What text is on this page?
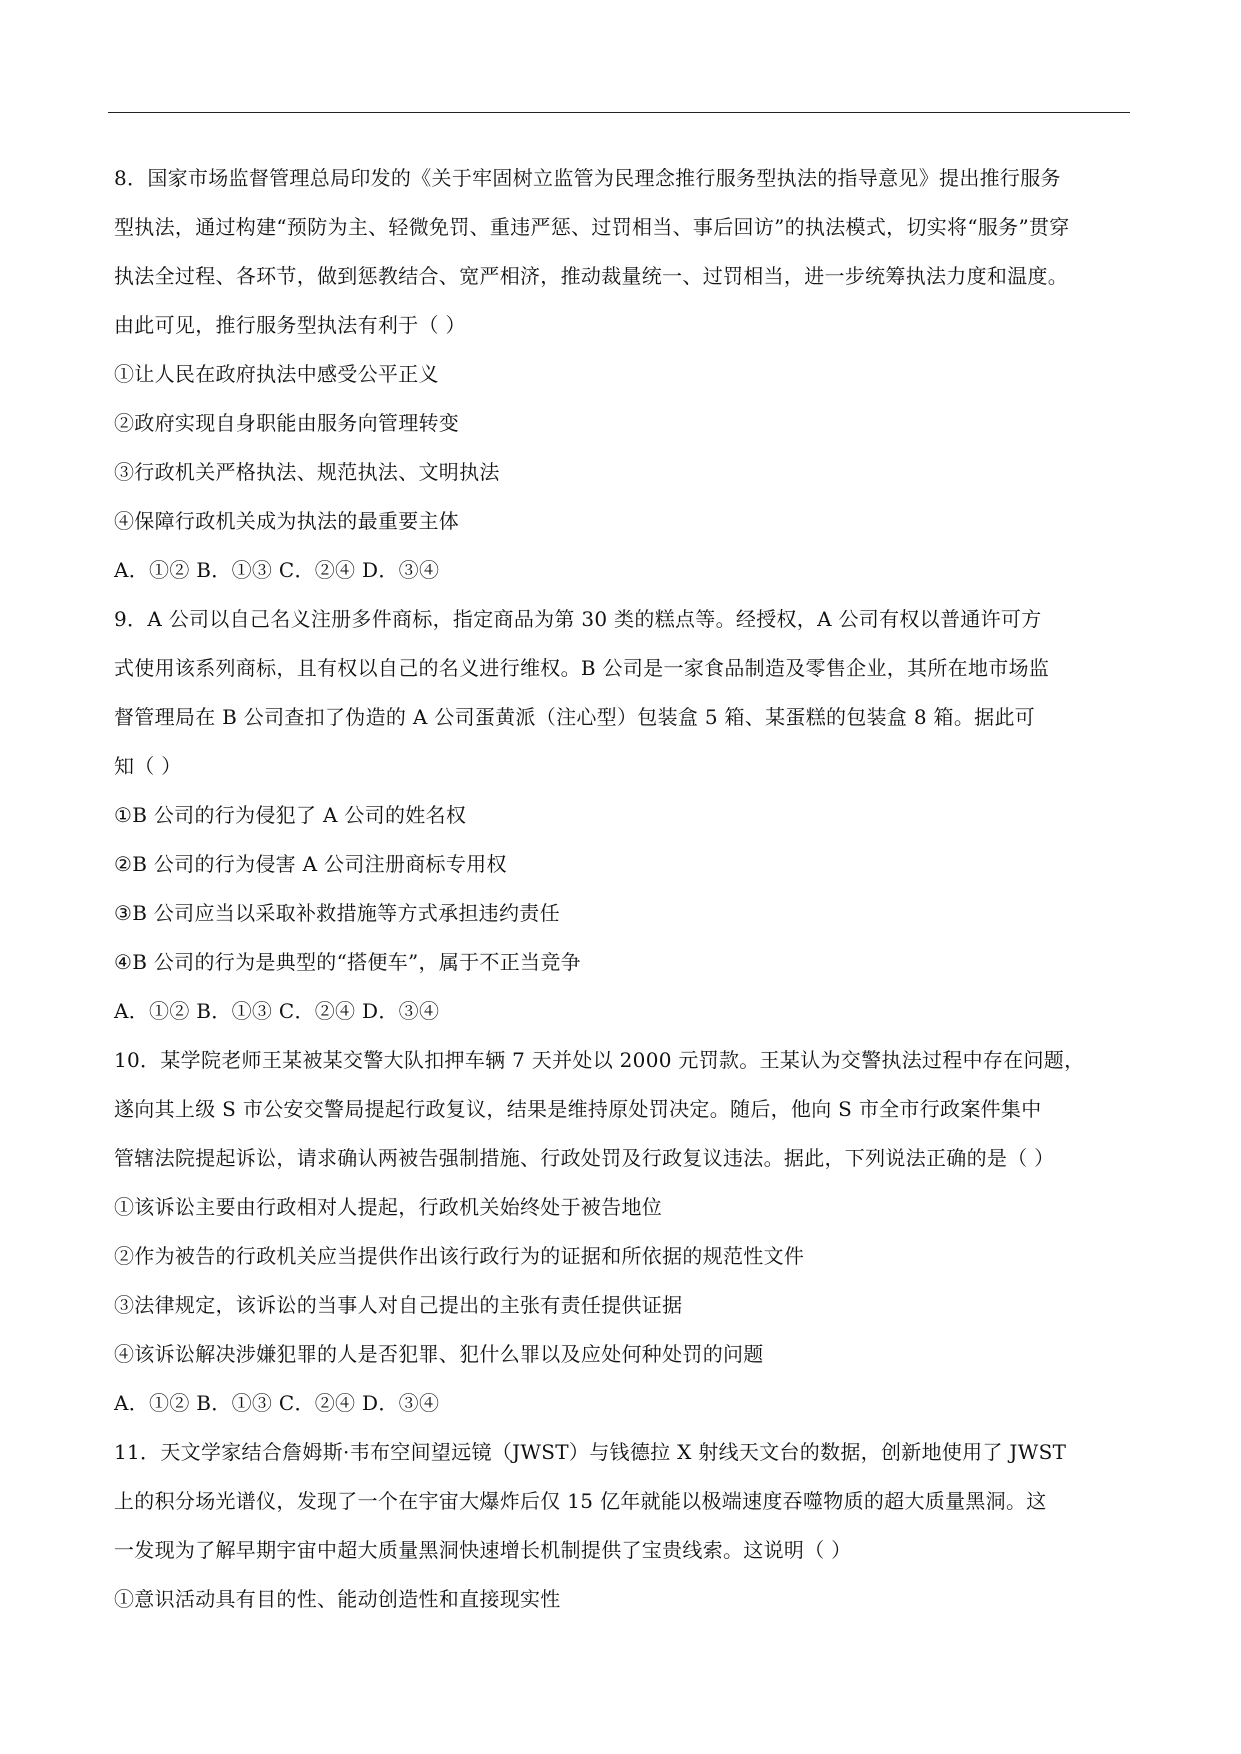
8．国家市场监督管理总局印发的《关于牢固树立监管为民理念推行服务型执法的指导意见》提出推行服务
型执法，通过构建“预防为主、轻微免罚、重违严惩、过罚相当、事后回访”的执法模式，切实将“服务”贯穿
执法全过程、各环节，做到惩教结合、宽严相济，推动裁量统一、过罚相当，进一步统筹执法力度和温度。
由此可见，推行服务型执法有利于（ ）
①让人民在政府执法中感受公平正义
②政府实现自身职能由服务向管理转变
③行政机关严格执法、规范执法、文明执法
④保障行政机关成为执法的最重要主体
A．①② B．①③ C．②④ D．③④
9．A 公司以自己名义注册多件商标，指定商品为第 30 类的糕点等。经授权，A 公司有权以普通许可方
式使用该系列商标，且有权以自己的名义进行维权。B 公司是一家食品制造及零售企业，其所在地市场监
督管理局在 B 公司查扣了伪造的 A 公司蛋黄派（注心型）包装盒 5 箱、某蛋糕的包装盒 8 箱。据此可
知（ ）
①B 公司的行为侵犯了 A 公司的姓名权
②B 公司的行为侵害 A 公司注册商标专用权
③B 公司应当以采取补救措施等方式承担违约责任
④B 公司的行为是典型的“搭便车”，属于不正当竞争
A．①② B．①③ C．②④ D．③④
10．某学院老师王某被某交警大队扣押车辆 7 天并处以 2000 元罚款。王某认为交警执法过程中存在问题，
遂向其上级 S 市公安交警局提起行政复议，结果是维持原处罚决定。随后，他向 S 市全市行政案件集中
管辖法院提起诉讼，请求确认两被告强制措施、行政处罚及行政复议违法。据此，下列说法正确的是（ ）
①该诉讼主要由行政相对人提起，行政机关始终处于被告地位
②作为被告的行政机关应当提供作出该行政行为的证据和所依据的规范性文件
③法律规定，该诉讼的当事人对自己提出的主张有责任提供证据
④该诉讼解决涉嫌犯罪的人是否犯罪、犯什么罪以及应处何种处罚的问题
A．①② B．①③ C．②④ D．③④
11．天文学家结合詹姆斯·韦布空间望远镜（JWST）与钱德拉 X 射线天文台的数据，创新地使用了 JWST
上的积分场光谱仪，发现了一个在宇宙大爆炸后仅 15 亿年就能以极端速度吞噬物质的超大质量黑洞。这
一发现为了解早期宇宙中超大质量黑洞快速增长机制提供了宝贵线索。这说明（ ）
①意识活动具有目的性、能动创造性和直接现实性
